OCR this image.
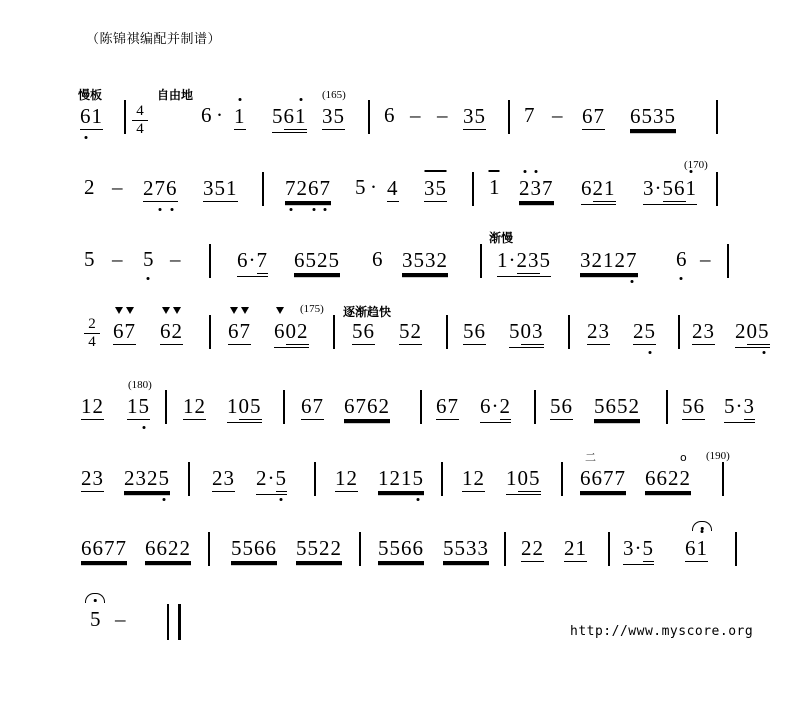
（陈锦祺编配并制谱）
慢板
6
$1 \frac{4}{4}$
自由地
6 · 1 561 35
(165)
6 – – 35 7 – 67 6535
2 – 27
6 351 7
26
7 5 · 4 3
5 1 2
3
7 621 3·561
(170)
5 – 5 –	6·7 6525 6 3532
渐慢
1·235 32127 6 –
$\frac{2}{4} 6$
7 6
2 6
7 6
02
(175) 逐渐趋快
56 52 56 503 23 25 23 205
12 15
(180)
12 105 67 6762 67 6·2 56 5652 56 5·3
23 2325 23 2·5 12 1215 12 105
二
6677
o
6622
(190)
6677 6622 5566 5522 5566 5533 22 21 3·5 61
5 –
http://www.myscore.org
